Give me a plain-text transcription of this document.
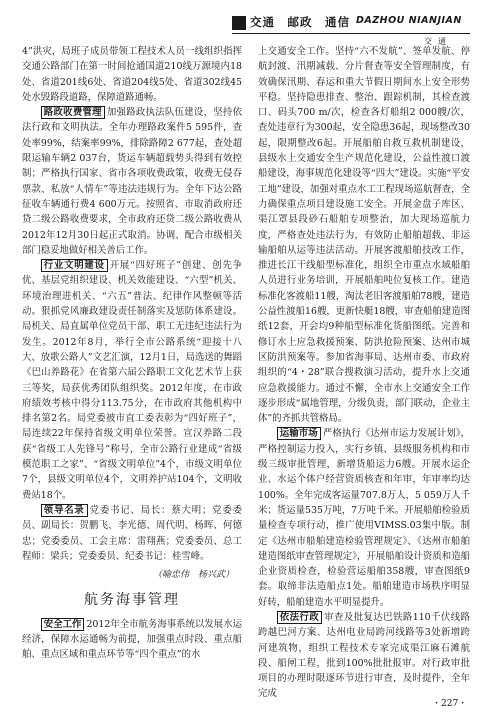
交通　邮政　通信 DAZHOU NIANJIAN
交通

4”洪灾，局班子成员带领工程技术人员一线组织指挥交通公路部门在第一时间抢通国道210线万源境内18处、省道201线6处、省道204线5处、省道302线45处水毁路段道路，保障道路通畅。

路政收费管理 加强路政执法队伍建设，坚持依法行政和文明执法。全年办理路政案件5 595件，查处率99%，结案率99%，排除路障2 677起，查处超限运输车辆2 037台，货运车辆超载势头得到有效控制；严格执行国家、省市各项收费政策，收费无侵吞票款、私放“人情车”等违法违规行为。全年下达公路征收车辆通行费4 600万元。按照省、市取消政府还贷二级公路收费要求，全市政府还贷二级公路收费从2012年12月30日起正式取消。协调、配合市级相关部门稳妥地做好相关善后工作。

行业文明建设 开展“四好班子”创建、创先争优、基层党组织建设、机关效能建设、“六型”机关、环境治理进机关、“六五”普法、纪律作风整顿等活动。狠抓党风廉政建设责任制落实及惩防体系建设。局机关、局直属单位党员干部、职工无违纪违法行为发生。2012年8月，举行全市公路系统“迎接十八大、放歌公路人”文艺汇演，12月1日，局选送的舞蹈《巴山养路花》在省第六届公路职工文化艺术节上获三等奖，局获优秀团队组织奖。2012年度，在市政府绩效考核中得分113.75分，在市政府其他机构中排名第2名。局党委被市直工委表彰为“四好班子”，局连续22年保持省级文明单位荣誉。宣汉养路二段获“省级工人先锋号”称号，全市公路行业建成“省级模范职工之家”、“省级文明单位”4个，市级文明单位7个，县级文明单位4个，文明养护站104个，文明收费站18个。

领导名录 党委书记、局长：蔡大明；党委委员、副局长：贺鹏飞、李光德、周代明、杨晖、何德忠；党委委员、工会主席：雷翔燕；党委委员、总工程师：梁兵；党委委员、纪委书记：桂雪峰。

（喻忠伟　杨兴武）
航务海事管理

安全工作 2012年全市航务海事系统以发展水运经济，保障水运通畅为前提，加强重点时段、重点船舶、重点区域和重点环节等“四个重点”的水

上交通安全工作。坚持“六不发航”、签单发航、停航封渡、汛期减载、分片督查等安全管理制度，有效确保汛期、春运和重大节假日期间水上安全形势平稳。坚持隐患排查、整治、跟踪机制，其检查渡口、码头700 m/次，检查各灯船组2 000艘/次，查处违章行为300起，安全隐患36起，现场整改30起，限期整改6起。开展船舶自救互救机制建设，县级水上交通安全生产规范化建设，公益性渡口渡船建设，海事规范化建设等“四大”建设。实施“平安工地”建设，加强对重点水工工程现场巡航督查，全力确保重点项目建设施工安全。开展金盘子库区、渠江罩县段砂石船舶专项整治，加大现场巡航力度，严格查处违法行为，有效防止船舶超载、非运输船舶从运等违法活动。开展客渡船舶技改工作，推进长江干线船型标准化，组织全市重点水域船舶人员进行业务培训，开展船舶吨位复核工作。建造标准化客渡船11艘，淘汰老旧客渡船舶78艘，建造公益性渡船16艘，更新快艇18艘，审查船舶建造图纸12套，开会均9种船型标准化货船图纸。完善和修订水上应急救援预案、防洪抢险预案、达州市城区防洪预案等。参加省海事局、达州市委、市政府组织的“4・28”联合搜救演习活动，提升水上交通应急救援能力。通过不懈，全市水上交通安全工作逐步形成“属地管理，分级负责，部门联动，企业主体”的齐抓共管格局。

运输市场 严格执行《达州市运力发展计划》，严格控制运力投入，实行乡镇、县级服务机构和市级三级审批管理，新增货船运力6艘。开展水运企业、水运个体户经营资质核查和年审，年审率均达100%。全年完成客运量707.8万人，5 059万人千米；货运量535万吨，7万吨千米。开展船舶检验质量检查专项行动，推广使用VIMSS.03集中版。制定《达州市船舶建造检验管理规定》、《达州市船舶建造图纸审查管理规定》，开展船舶设计资质和造船企业资质检查，检验营运船舶358艘，审查图纸9套。取缔非法造船点1处。船舶建造市场秩序明显好转，船舶建造水平明显提升。

依法行政 审查及批复达巴铁路110千伏线路跨越巴河方案、达州电业局跨河线路等3处新增跨河建筑物，组织工程技术专家完成渠江麻石滩航段、船闸工程，批到100%批批报审。对行政审批项目的办理时限逐环节进行审查，及时提件，全年完成

・227・
